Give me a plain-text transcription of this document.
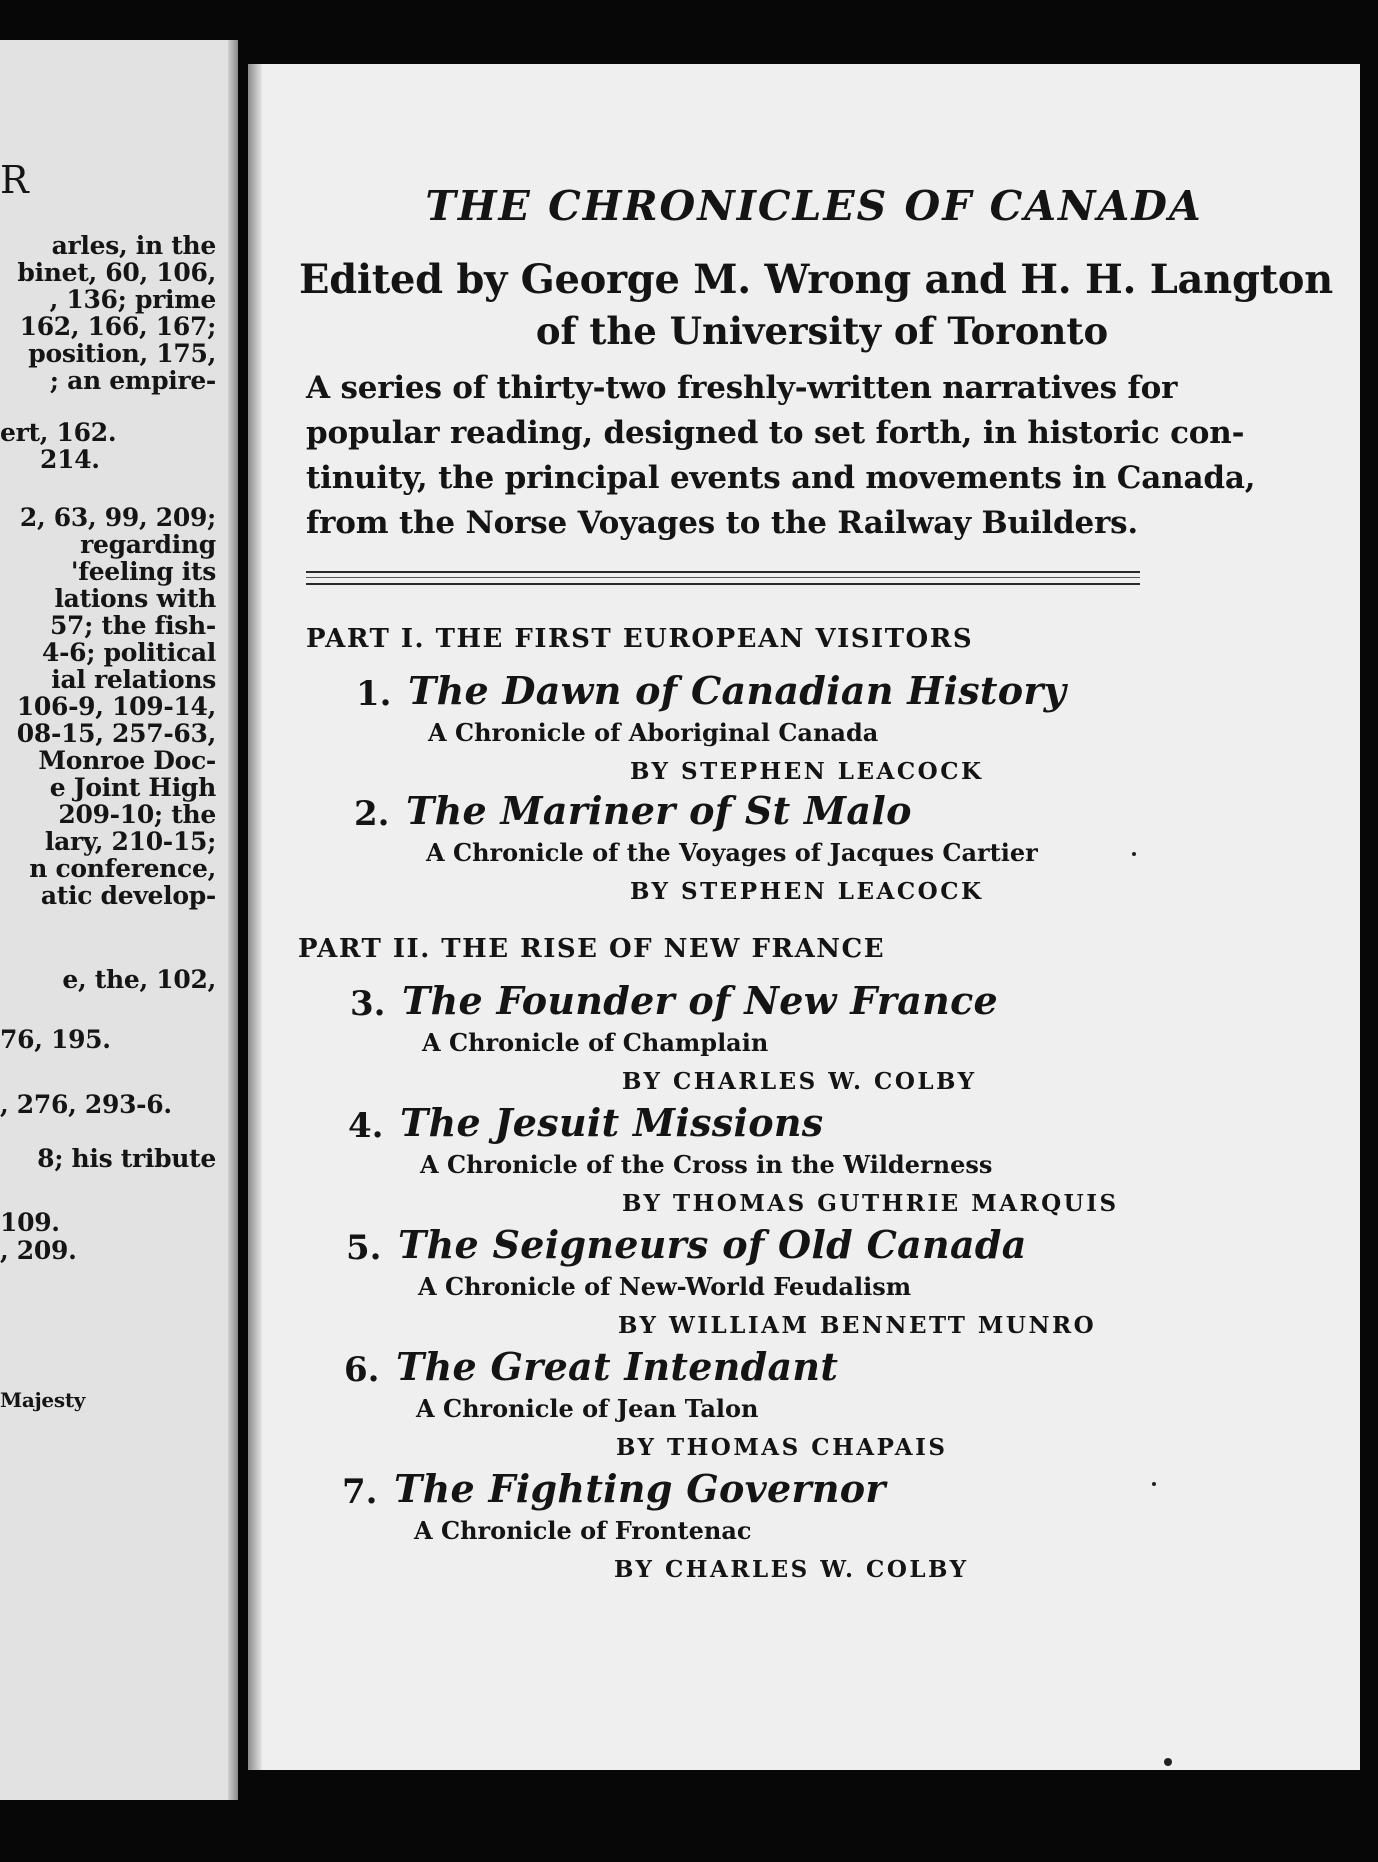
R
arles, in the
binet, 60, 106,
, 136; prime
162, 166, 167;
position, 175,
; an empire-
ert, 162.
214.
2, 63, 99, 209;
regarding
'feeling its
lations with
57; the fish-
4-6; political
ial relations
106-9, 109-14,
08-15, 257-63,
Monroe Doc-
e Joint High
209-10; the
lary, 210-15;
n conference,
atic develop-
e, the, 102,
76, 195.
, 276, 293-6.
8; his tribute
109.
, 209.
Majesty
THE CHRONICLES OF CANADA
Edited by George M. Wrong and H. H. Langton
of the University of Toronto
A series of thirty-two freshly-written narratives for
popular reading, designed to set forth, in historic con-
tinuity, the principal events and movements in Canada,
from the Norse Voyages to the Railway Builders.
PART I. THE FIRST EUROPEAN VISITORS
1. The Dawn of Canadian History
A Chronicle of Aboriginal Canada
BY STEPHEN LEACOCK
2. The Mariner of St Malo
A Chronicle of the Voyages of Jacques Cartier
BY STEPHEN LEACOCK
PART II. THE RISE OF NEW FRANCE
3. The Founder of New France
A Chronicle of Champlain
BY CHARLES W. COLBY
4. The Jesuit Missions
A Chronicle of the Cross in the Wilderness
BY THOMAS GUTHRIE MARQUIS
5. The Seigneurs of Old Canada
A Chronicle of New-World Feudalism
BY WILLIAM BENNETT MUNRO
6. The Great Intendant
A Chronicle of Jean Talon
BY THOMAS CHAPAIS
7. The Fighting Governor
A Chronicle of Frontenac
BY CHARLES W. COLBY
